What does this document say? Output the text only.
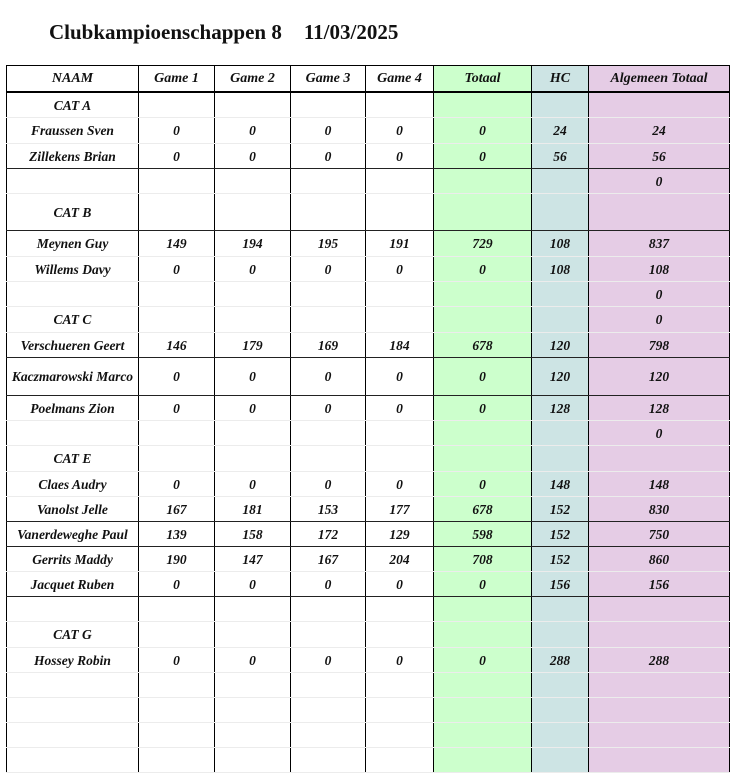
Clubkampioenschappen 8 11/03/2025
NAAM	Game 1	Game 2	Game 3	Game 4	Totaal	HC	Algemeen Totaal
CAT A							
Fraussen Sven	0	0	0	0	0	24	24
Zillekens Brian	0	0	0	0	0	56	56
							0
CAT B							
Meynen Guy	149	194	195	191	729	108	837
Willems Davy	0	0	0	0	0	108	108
							0
CAT C							0
Verschueren Geert	146	179	169	184	678	120	798
Kaczmarowski Marco	0	0	0	0	0	120	120
Poelmans Zion	0	0	0	0	0	128	128
							0
CAT E							
Claes Audry	0	0	0	0	0	148	148
Vanolst Jelle	167	181	153	177	678	152	830
Vanerdeweghe Paul	139	158	172	129	598	152	750
Gerrits Maddy	190	147	167	204	708	152	860
Jacquet Ruben	0	0	0	0	0	156	156

CAT G							
Hossey Robin	0	0	0	0	0	288	288
